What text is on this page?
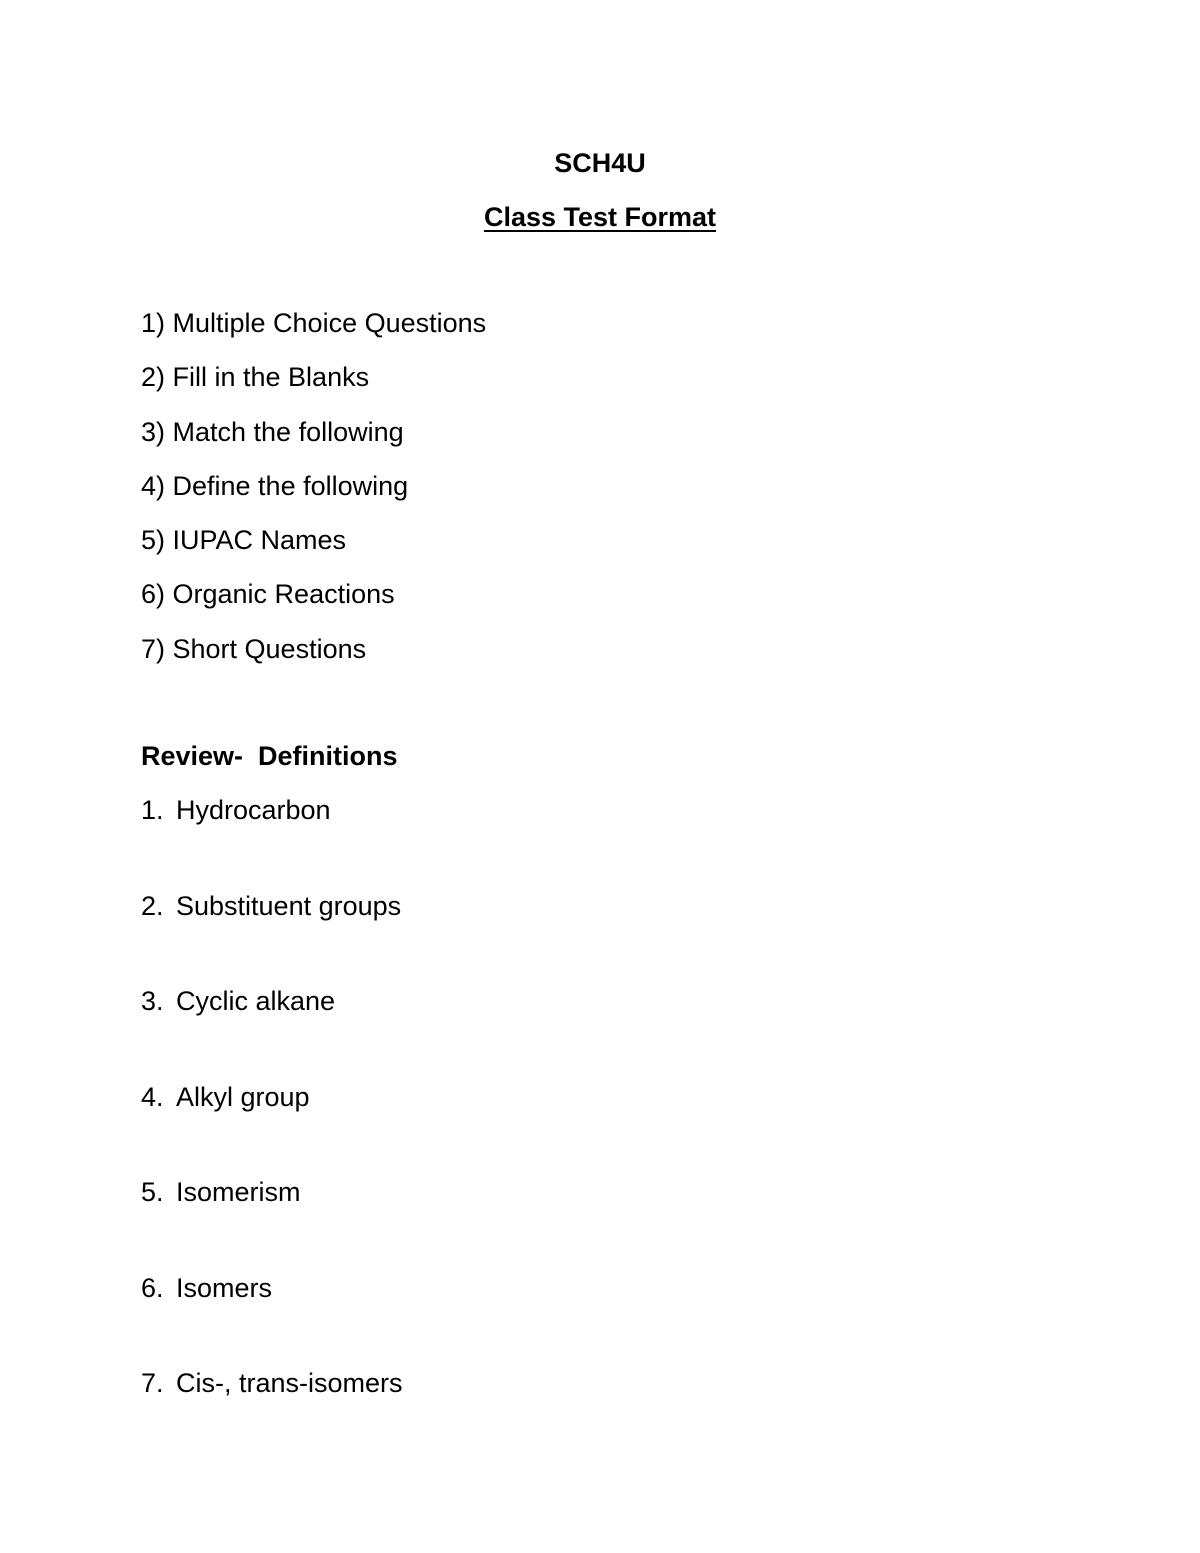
SCH4U
Class Test Format
1) Multiple Choice Questions
2) Fill in the Blanks
3) Match the following
4) Define the following
5) IUPAC Names
6) Organic Reactions
7) Short Questions
Review-  Definitions
1. Hydrocarbon
2. Substituent groups
3. Cyclic alkane
4. Alkyl group
5. Isomerism
6. Isomers
7. Cis-, trans-isomers
